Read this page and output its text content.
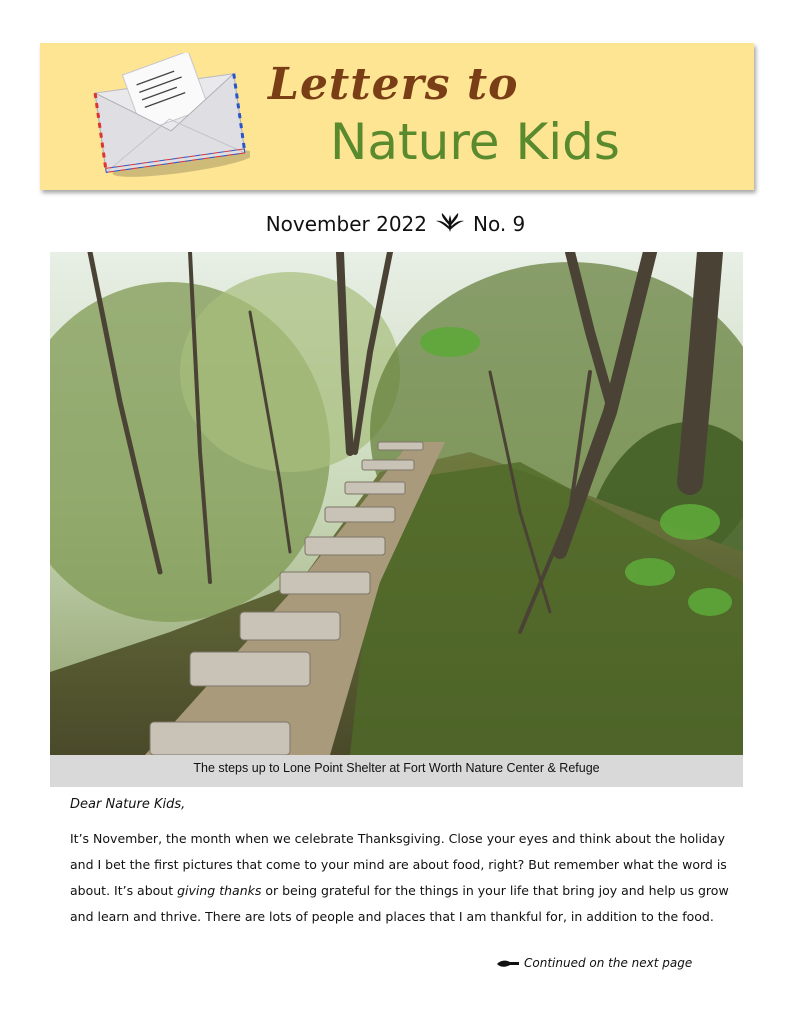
Letters to
Nature Kids
November 2022 No. 9
The steps up to Lone Point Shelter at Fort Worth Nature Center & Refuge
Dear Nature Kids,

It’s November, the month when we celebrate Thanksgiving. Close your eyes and think about the holiday and I bet the first pictures that come to your mind are about food, right? But remember what the word is about. It’s about giving thanks or being grateful for the things in your life that bring joy and help us grow and learn and thrive. There are lots of people and places that I am thankful for, in addition to the food.

Continued on the next page
